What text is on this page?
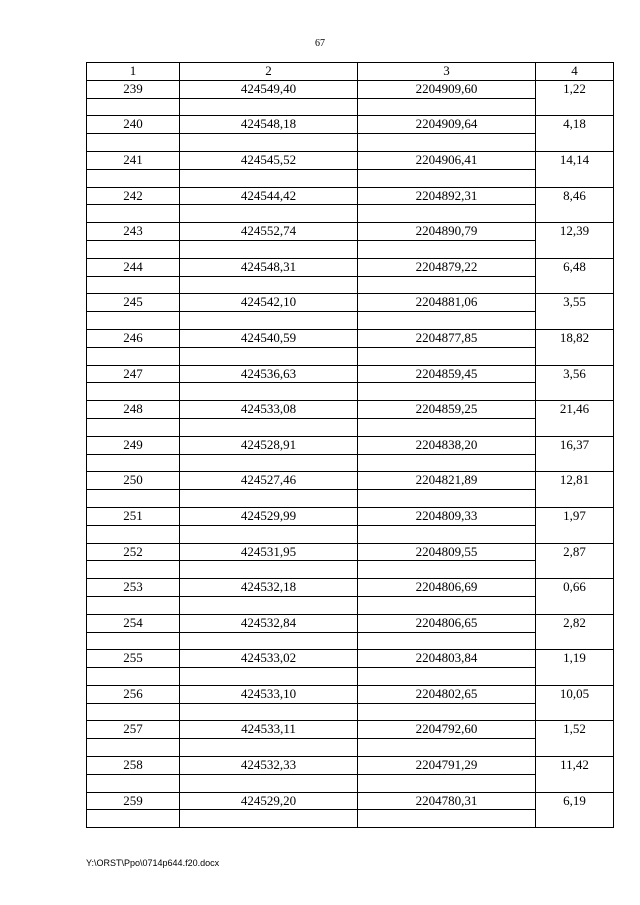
67
1	2	3	4
239	424549,40	2204909,60	1,22

240	424548,18	2204909,64	4,18

241	424545,52	2204906,41	14,14

242	424544,42	2204892,31	8,46

243	424552,74	2204890,79	12,39

244	424548,31	2204879,22	6,48

245	424542,10	2204881,06	3,55

246	424540,59	2204877,85	18,82

247	424536,63	2204859,45	3,56

248	424533,08	2204859,25	21,46

249	424528,91	2204838,20	16,37

250	424527,46	2204821,89	12,81

251	424529,99	2204809,33	1,97

252	424531,95	2204809,55	2,87

253	424532,18	2204806,69	0,66

254	424532,84	2204806,65	2,82

255	424533,02	2204803,84	1,19

256	424533,10	2204802,65	10,05

257	424533,11	2204792,60	1,52

258	424532,33	2204791,29	11,42

259	424529,20	2204780,31	6,19

Y:\ORST\Ppo\0714p644.f20.docx
